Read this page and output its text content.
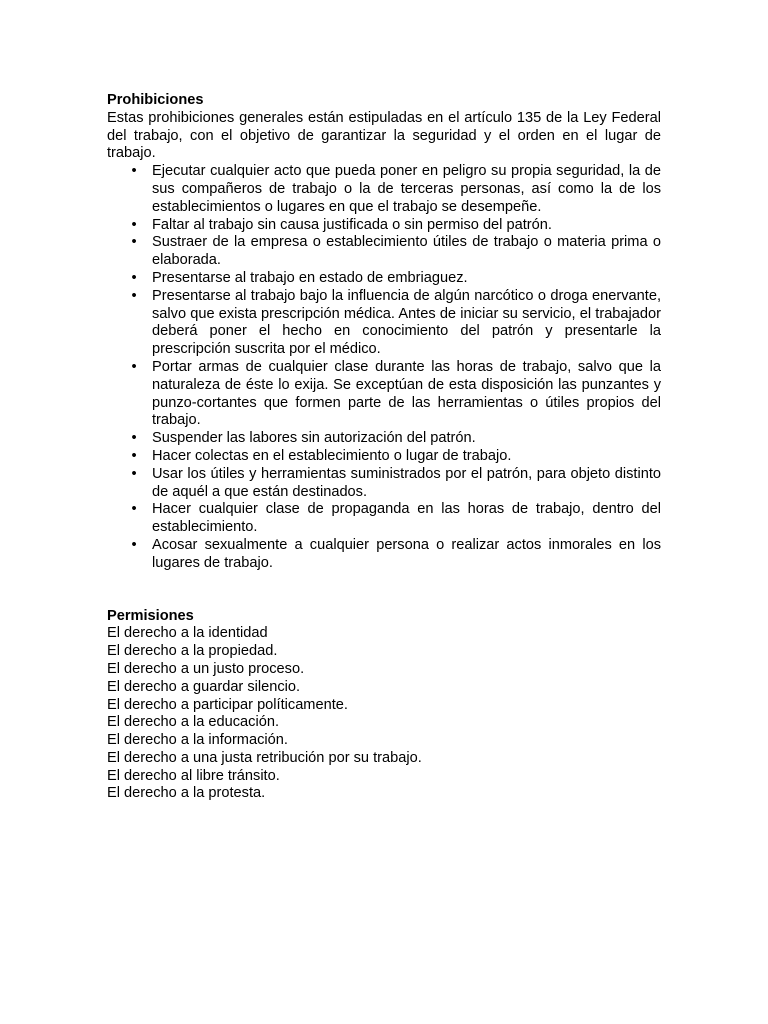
Prohibiciones

Estas prohibiciones generales están estipuladas en el artículo 135 de la Ley Federal del trabajo, con el objetivo de garantizar la seguridad y el orden en el lugar de trabajo.

• Ejecutar cualquier acto que pueda poner en peligro su propia seguridad, la de sus compañeros de trabajo o la de terceras personas, así como la de los establecimientos o lugares en que el trabajo se desempeñe.
• Faltar al trabajo sin causa justificada o sin permiso del patrón.
• Sustraer de la empresa o establecimiento útiles de trabajo o materia prima o elaborada.
• Presentarse al trabajo en estado de embriaguez.
• Presentarse al trabajo bajo la influencia de algún narcótico o droga enervante, salvo que exista prescripción médica. Antes de iniciar su servicio, el trabajador deberá poner el hecho en conocimiento del patrón y presentarle la prescripción suscrita por el médico.
• Portar armas de cualquier clase durante las horas de trabajo, salvo que la naturaleza de éste lo exija. Se exceptúan de esta disposición las punzantes y punzo-cortantes que formen parte de las herramientas o útiles propios del trabajo.
• Suspender las labores sin autorización del patrón.
• Hacer colectas en el establecimiento o lugar de trabajo.
• Usar los útiles y herramientas suministrados por el patrón, para objeto distinto de aquél a que están destinados.
• Hacer cualquier clase de propaganda en las horas de trabajo, dentro del establecimiento.
• Acosar sexualmente a cualquier persona o realizar actos inmorales en los lugares de trabajo.

Permisiones

El derecho a la identidad
El derecho a la propiedad.
El derecho a un justo proceso.
El derecho a guardar silencio.
El derecho a participar políticamente.
El derecho a la educación.
El derecho a la información.
El derecho a una justa retribución por su trabajo.
El derecho al libre tránsito.
El derecho a la protesta.
